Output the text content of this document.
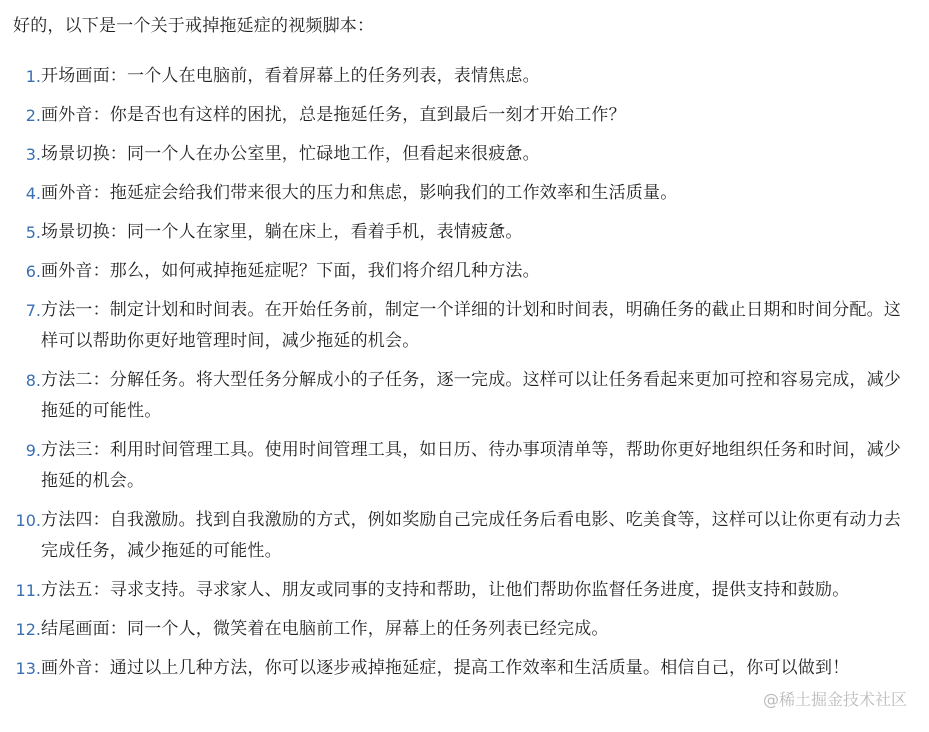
好的，以下是一个关于戒掉拖延症的视频脚本：

1. 开场画面：一个人在电脑前，看着屏幕上的任务列表，表情焦虑。
2. 画外音：你是否也有这样的困扰，总是拖延任务，直到最后一刻才开始工作？
3. 场景切换：同一个人在办公室里，忙碌地工作，但看起来很疲惫。
4. 画外音：拖延症会给我们带来很大的压力和焦虑，影响我们的工作效率和生活质量。
5. 场景切换：同一个人在家里，躺在床上，看着手机，表情疲惫。
6. 画外音：那么，如何戒掉拖延症呢？下面，我们将介绍几种方法。
7. 方法一：制定计划和时间表。在开始任务前，制定一个详细的计划和时间表，明确任务的截止日期和时间分配。这样可以帮助你更好地管理时间，减少拖延的机会。
8. 方法二：分解任务。将大型任务分解成小的子任务，逐一完成。这样可以让任务看起来更加可控和容易完成，减少拖延的可能性。
9. 方法三：利用时间管理工具。使用时间管理工具，如日历、待办事项清单等，帮助你更好地组织任务和时间，减少拖延的机会。
10. 方法四：自我激励。找到自我激励的方式，例如奖励自己完成任务后看电影、吃美食等，这样可以让你更有动力去完成任务，减少拖延的可能性。
11. 方法五：寻求支持。寻求家人、朋友或同事的支持和帮助，让他们帮助你监督任务进度，提供支持和鼓励。
12. 结尾画面：同一个人，微笑着在电脑前工作，屏幕上的任务列表已经完成。
13. 画外音：通过以上几种方法，你可以逐步戒掉拖延症，提高工作效率和生活质量。相信自己，你可以做到！
@稀土掘金技术社区
